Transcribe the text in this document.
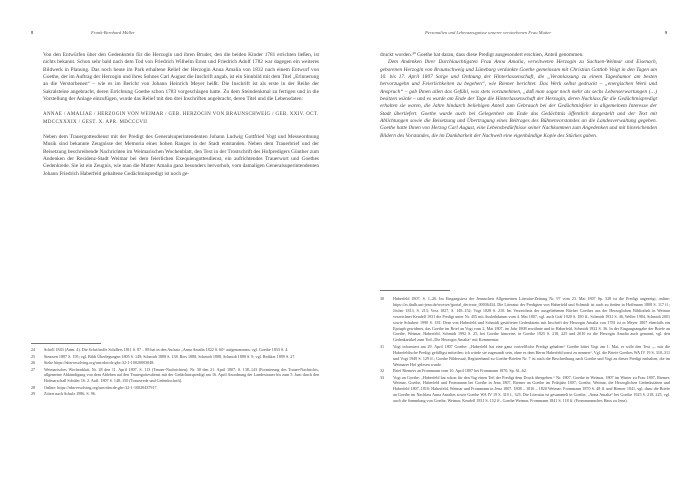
8	Frank-Bernhard Müller

Von den Entwürfen über den Gedenkstein für die Herzogin und ihren Bruder, den die beiden Kinder 1781 errichten ließen, ist nichts bekannt. Schon sehr bald nach dem Tod von Friedrich Wilhelm Ernst und Friedrich Adolf 1782 war dagegen ein weiteres Bildwerk in Planung. Das noch heute im Park erhaltene Relief der Herzogin Anna Amalia von 1832 nach einem Entwurf von Goethe, der im Auftrag der Herzogin und ihres Sohnes Carl August die Inschrift angab, ist ein Sinnbild mit dem Titel „Erinnerung an die Verstorbenen“ – wie es im Bericht von Johann Heinrich Meyer heißt. Die Inschrift ist als erste in der Reihe der Sakralsteine angebracht, deren Errichtung Goethe schon 1783 vorgeschlagen hatte. Zu dem Steindenkmal zu fertigen und in die Vorstellung der Anlage einzufügen, wurde das Relief mit den drei Inschriften angebracht, deren Titel und die Lebensdaten:

ANNAE / AMALIAE / HERZOGIN VON WEIMAR / GEB. HERZOGIN VON BRAUNSCHWEIG / GEB. XXIV. OCT. MDCCXXXIX / GEST. X. APR. MDCCCVII

Neben dem Trauergottesdienst mit der Predigt des Generalsuperintendenten Johann Ludwig Gottfried Vogt und Messeordnung Musik sind bekannte Zeugnisse der Memoria eines hohen Ranges in der Stadt entstanden. Neben dem Trauerbrief und der Beisetzung beschreibende Nachrichten im Weimarischen Wochenblatt, den Text in der Trostschrift des Hofpredigers Günther zum Andenken der Residenz-Stadt Weimar bei dem feierlichen Exequiengottesdienst, ein aufrichtendes Trauerwort und Goethes Gedenkrede. Sie ist ein Zeugnis, wie man die Mutter Amalia ganz besonders hervorhob, vom damaligen Generalsuperintendenten Johann Friedrich Haberfeld gehaltene Gedächtnispredigt ist noch ge-

24	Schöll 1843 (Anm. 4). Die Schriftrolle Schillers 1811 S. 87 – 88 hat in den Aufsatz „Anna Amalia 1822 S. 60“ aufgenommen, vgl. Goethe 1833 S. 4.
25	Siemsen 1887 S. 195; vgl. Bildt Überlegungen 1805 S. 149; Schmidt 1888 S. 138. Ries 1888, Schmidt 1888, Schmidt 1888 S. 9; vgl. Rediker 1899 S. 27.
26	Siehe https://nbn-resolving.org/urn:nbn:de:gbv:32-1-10020003048.
27	Weimarisches Wochenblatt, Nr. 28 den 11. April 1807, S. 113 (Tenner-Nachrichten), Nr. 30 den 21. April 1807, S. 138–143 (Formierung des Trauer-Nachrichts, allgemeine Abkündigung von dem Ableben auf den Trauergottesdienst mit der Gedächtnispredigt am 16. April Anordnung der Landestrauer bis zum 5. Juni durch den Hofmarschall Schüler 16. 2. Aufl. 1807 S. 148–150 (Trauerrede und Gedenkschrift).
28	Online: https://nbn-resolving.org/urn:nbn:de:gbv:32-1-10020437917.
29	Zitiert nach Schulz 1986, S. 96.
Personalien und Lebenszeugnisse unserer verstorbenen Frau Mutter	9

druckt worden.³⁰ Goethe hat daran, dass diese Predigt ausgesondert erschien, Anteil genommen.

Dem Andenken Ihrer Durchlauchtigsten Frau Anna Amalia, verwitweten Herzogin zu Sachsen-Weimar und Eisenach, geborenen Herzogin von Braunschweig und Lüneburg verdankte Goethe gemeinsam mit Christian Gottlob Voigt in den Tagen um 10. bis 17. April 1807 Sorge und Ordnung der Hinterlassenschaft, die „Veranlassung zu einem Tageshumor am besten hervorzugehn und Feierlichkeiten zu begehen“, wie Riemer berichtet. Das Werk selbst gedruckt – „energischen Werk und Anspruch“ – gab Ihnen allen das Gefühl, was stets vorzunehmen, „daß man sogar noch mehr als sechs Lebenserwartungen (…) besitzen würde – und es wurde am Ende der Tage die Hinterlassenschaft der Herzogin, deren Nachlass für die Gedächtnispredigt erhalten sie waren, die Jahre hindurch beliebigen Anteil zum Gebrauch bei der Gedächtnisfeier in allgemeinem Interesse der Stadt überliefert. Goethe wurde auch bei Gelegenheit am Ende das Gedächtnis öffentlich dargestellt und der Text mit Ablichtungen sowie die Beisetzung und Übertragung eines Beitrages des Bühnenvorstandes an die Landesverwaltung gegeben. Goethe hatte Ihnen von Herzog Carl August, eine Lebensbedürfnisse seiner Nachkommen zum Angedenken und mit hinreichenden Bildern des Vorstandes, die im Dankbarkeit der Nachwelt eine eigenhändige Kopie des Stückes gaben.

30	Haberfeld 1807, S. 1–26. Im Eingangstext der Jenaischen Allgemeinen Literatur-Zeitung Nr. 97 vom 23. Mai 1807 Sp. 328 ist die Predigt angezeigt, online: https://zs.thulb.uni-jena.de/receive/jportal_derivate_00036434. Die Literatur der Predigten von Haberfeld und Schmidt ist auch zu finden in Hoffmann 1808 S. 117 ff.; Jöcher 1813, S. 213; Voss 1827, S. 149–152; Vogt 1828 S. 210. Im Verzeichnis der ausgeliehenen Bücher Goethes aus der Herzoglichen Bibliothek in Weimar verzeichnet Keudell 1931 die Predigt unter Nr. 455 mit Ausleihdatum vom 4. Mai 1807, vgl. auch Gräf 1920 S. 180 ff., Schmidt 1931 S. 46, Weller 1984, Schmidt 2001 sowie Schubert 1990 S. 181. Dem von Haberfeld und Schmidt gestifteten Gedenkstein mit Inschrift der Herzogin Amalia von 1781 ist in Meyer 1807 ebenfalls ein Epitaph gewidmet, das Goethe im Brief an Vogt vom 2. Mai 1807, im Jahr 1808 erwähnte und in Haberfeld, Schmidt 1932 S. 36. In der Eingangsangabe der Briefe an Goethe, Weimar, Haberfeld, Schmidt 1992 S. 25, bei Goethe hinweise, in Goethe 1925 S. 218, 225 und 2010 ist die Herzogin Amalia auch genannt, vgl. den Gedenkartikel zum Tod „Die Herzogin Amalia“ mit Kommentar.
31	Vogt informiert am 29. April 1807 Goethe: „Haberfeld hat eine ganz vortreffliche Predigt gehalten“ Goethe bittet Vogt am 1. Mai, er solle den Text „– mir die Haberfeldische Predigt gefälligst mitteilen; ich würde sie zugesandt sein, ohne es dem Herrn Haberfeld sonst zu nennen“. Vgl. die Briefe Goethes WA IV 19 S. 310–311 und Vogt 1949 S. 129 ff.; Goethe Bildersaal, Registerband zu Goethe-Briefen Nr. 7 ist auch die Beschreibung nach Goethe und Vogt zu dieser Predigt enthalten, die im Weimarer Hof gelesen wurde.
32	Brief Riemers an Frommann vom 10. April 1807 bei Frommann 1870, Sp. 61–62.
33	Vogt an Goethe: „Haberfeld hat schon für den Tag einen Teil der Predigt dem Druck übergeben.“ Nr. 1807; Goethe in Weimar, 1807 im Winter zu Frau 1807, Riemer, Weimar, Goethe, Haberfeld und Frommann bei Goethe in Jena 1807, Riemer an Goethe im Frühjahr 1807; Goethe, Weimar, die Herzoglichen Gedenkstätten und Haberfeld 1807–1810; Haberfeld, Weimar und Frommann in Jena 1807. 1808 – 1816 – 1820 Weimar; Frommann 1870 S. 48 ff. und Riemer 1841, vgl. dazu die Briefe an Goethe im Nachlass Anna Amalias sowie Goethe WA IV 19 S. 310 f., 325. Die Literatur ist gesammelt in Goethe, „Anna Amalia“ bei Goethe 1925 S. 218, 225, vgl. auch die Sammlung von Goethe, Weimar, Keudell 1931 S. 152 ff., Goethe Weimar, Frommann 1841 S. 118 ff. (Frommannsches Haus zu Jena).
